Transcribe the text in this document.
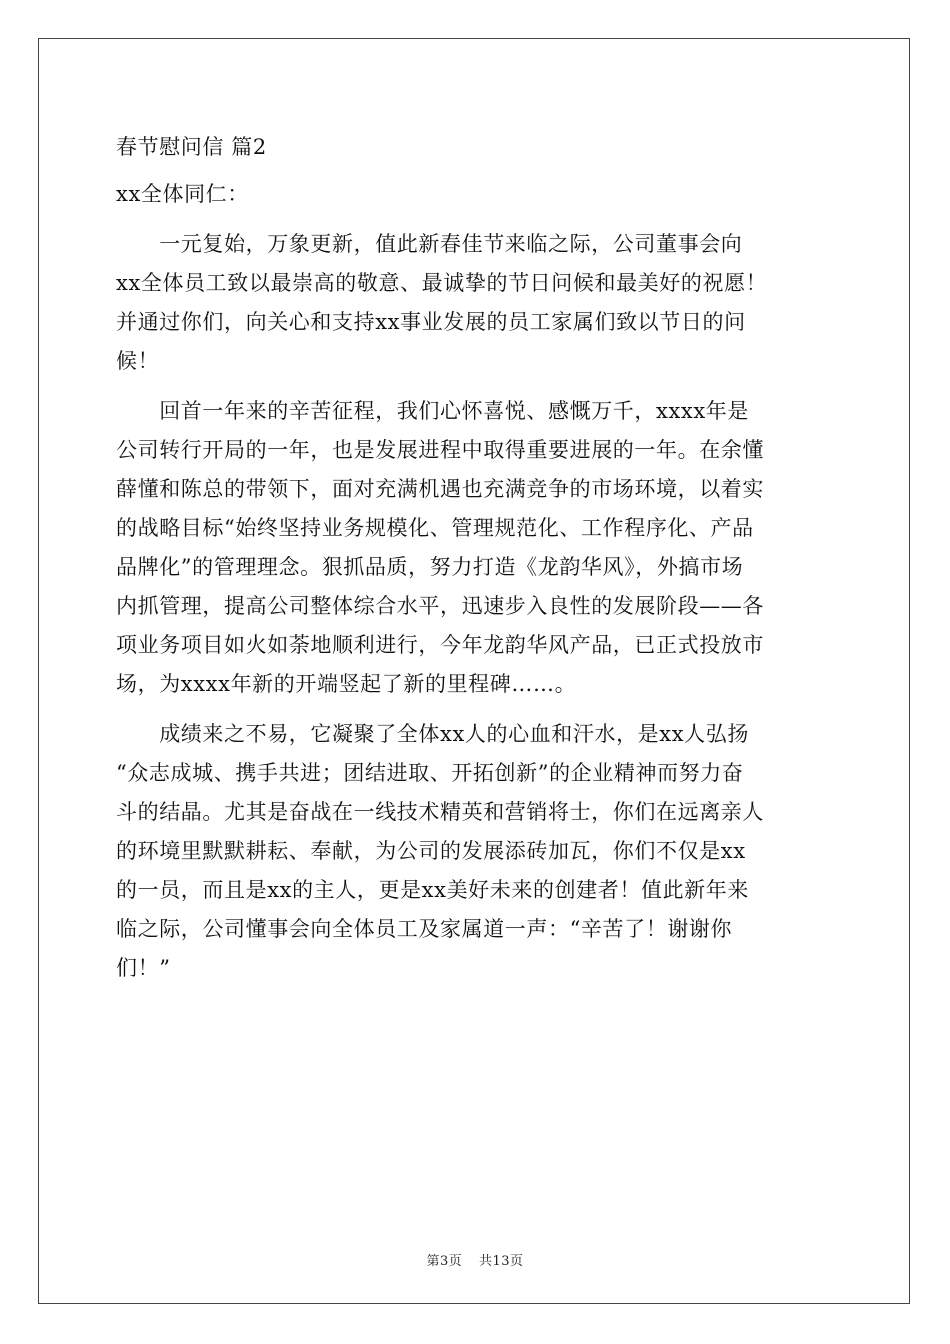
春节慰问信 篇2
xx全体同仁：
　　一元复始，万象更新，值此新春佳节来临之际，公司董事会向
xx全体员工致以最崇高的敬意、最诚挚的节日问候和最美好的祝愿！
并通过你们，向关心和支持xx事业发展的员工家属们致以节日的问
候！
　　回首一年来的辛苦征程，我们心怀喜悦、感慨万千，xxxx年是
公司转行开局的一年，也是发展进程中取得重要进展的一年。在余懂
薛懂和陈总的带领下，面对充满机遇也充满竞争的市场环境，以着实
的战略目标“始终坚持业务规模化、管理规范化、工作程序化、产品
品牌化”的管理理念。狠抓品质，努力打造《龙韵华风》，外搞市场
内抓管理，提高公司整体综合水平，迅速步入良性的发展阶段——各
项业务项目如火如荼地顺利进行，今年龙韵华风产品，已正式投放市
场，为xxxx年新的开端竖起了新的里程碑……。
　　成绩来之不易，它凝聚了全体xx人的心血和汗水，是xx人弘扬
“众志成城、携手共进；团结进取、开拓创新”的企业精神而努力奋
斗的结晶。尤其是奋战在一线技术精英和营销将士，你们在远离亲人
的环境里默默耕耘、奉献，为公司的发展添砖加瓦，你们不仅是xx
的一员，而且是xx的主人，更是xx美好未来的创建者！值此新年来
临之际，公司懂事会向全体员工及家属道一声：“辛苦了！谢谢你
们！”
第3页 共13页
